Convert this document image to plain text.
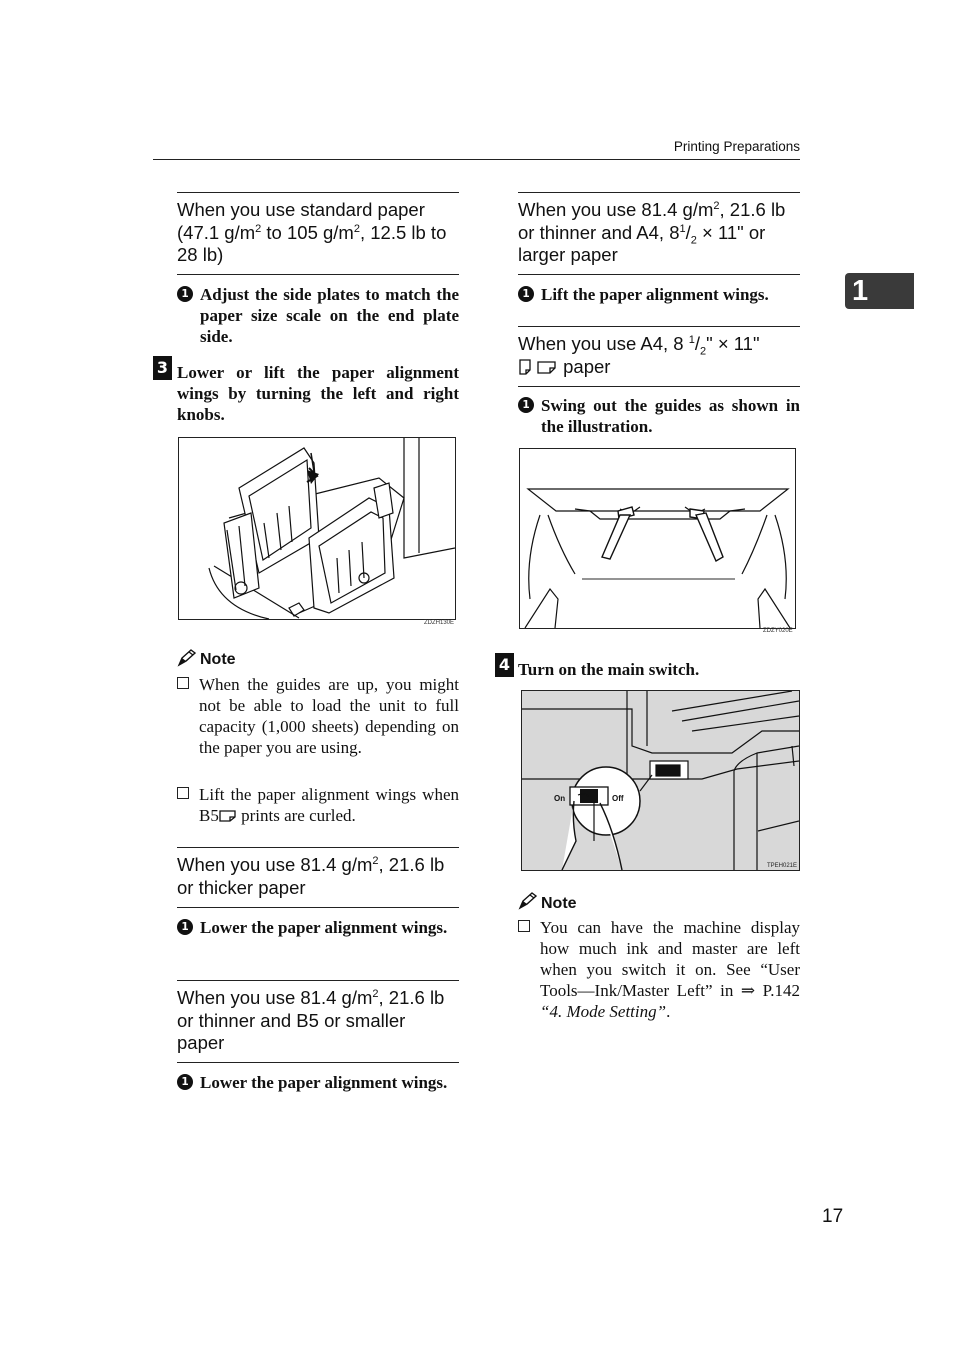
Printing Preparations
1
When you use standard paper
(47.1 $g/m^2$ to 105 $g/m^2$, 12.5 lb to
28 lb)
1 Adjust the side plates to match the paper size scale on the end plate side.
3 Lower or lift the paper alignment wings by turning the left and right knobs.
ZDZH130E
Note
When the guides are up, you might not be able to load the unit to full capacity (1,000 sheets) depending on the paper you are using.
Lift the paper alignment wings when B5 prints are curled.
When you use 81.4 $g/m^2$, 21.6 lb
or thicker paper
1 Lower the paper alignment wings.
When you use 81.4 $g/m^2$, 21.6 lb
or thinner and B5 or smaller
paper
1 Lower the paper alignment wings.
When you use 81.4 $g/m^2$, 21.6 lb
or thinner and A4, $8^1/_2 \times 11$" or
larger paper
1 Lift the paper alignment wings.
When you use A4, 8 $^1/_2$" × 11"
paper
1 Swing out the guides as shown in the illustration.
ZDZY020E
4 Turn on the main switch.
On	Off
TPEH021E
Note
You can have the machine display how much ink and master are left when you switch it on. See “User Tools—Ink/Master Left” in ⇒ P.142 “4. Mode Setting”.
17
